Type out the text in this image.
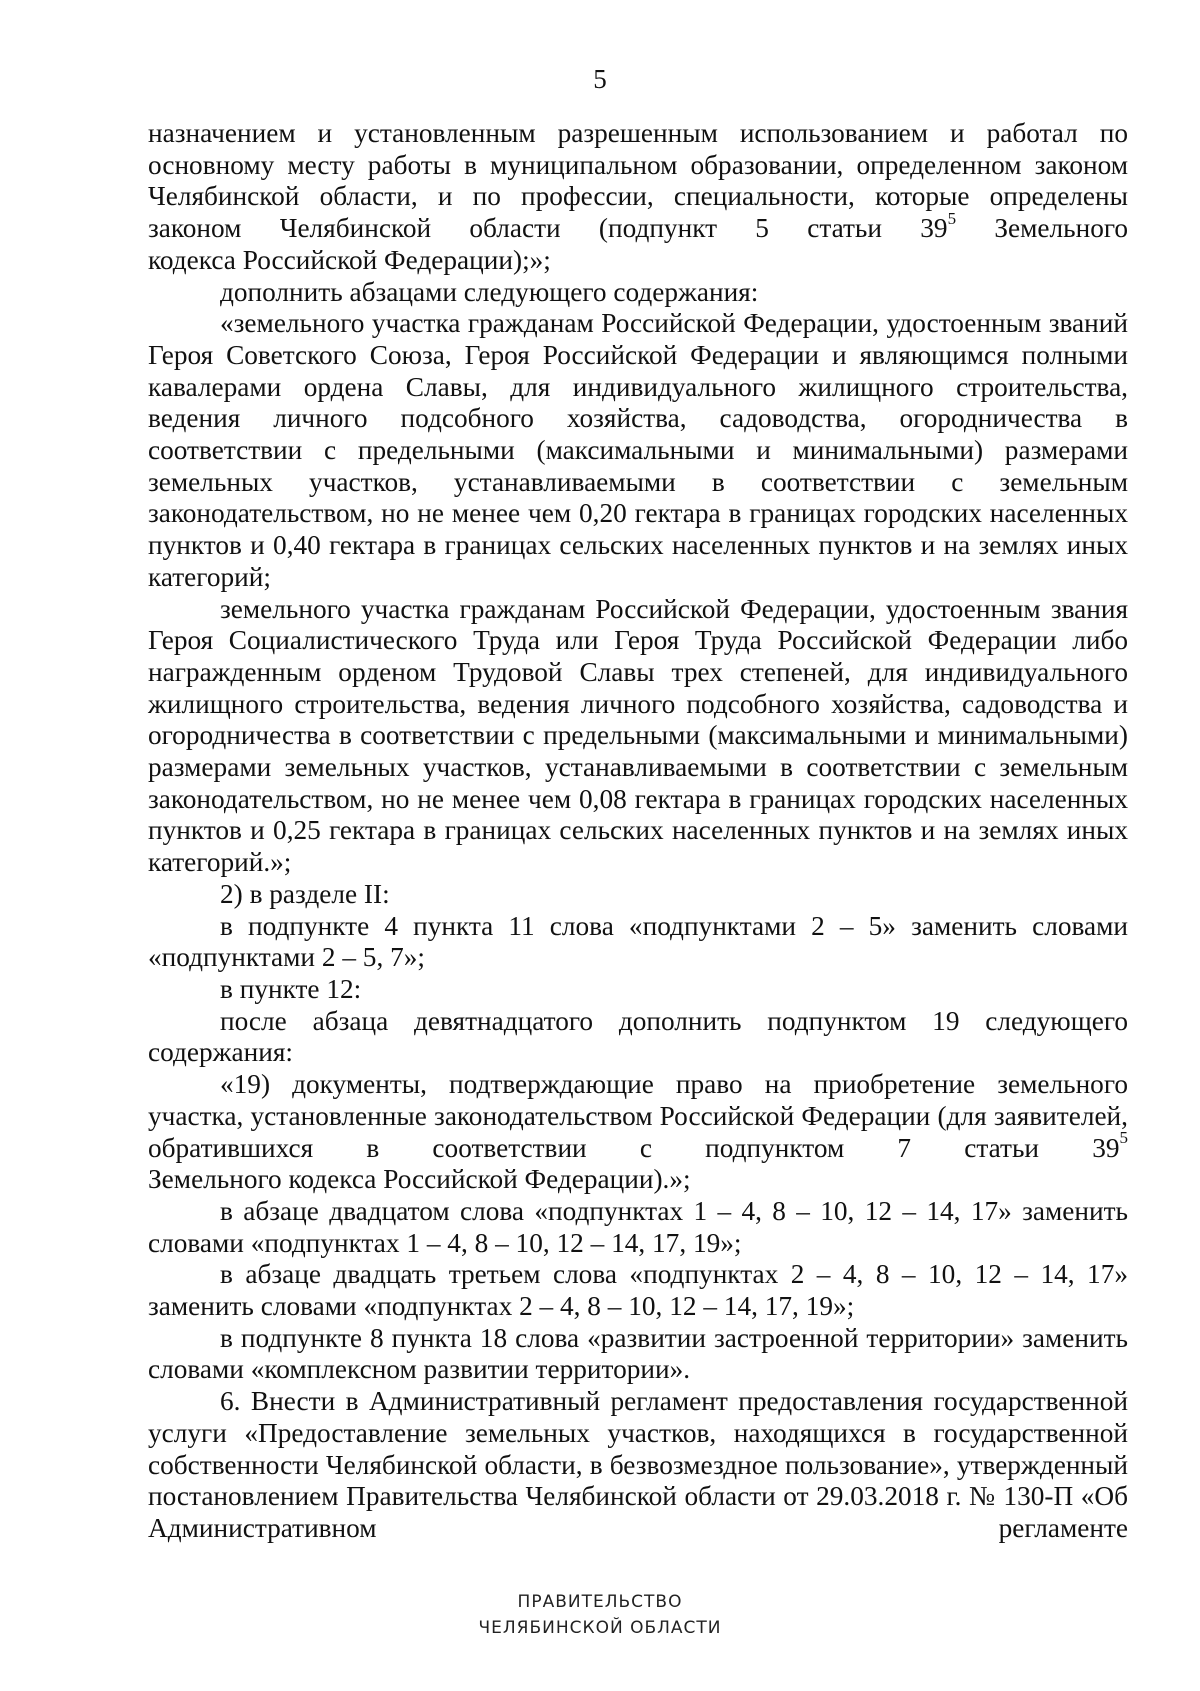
5

назначением и установленным разрешенным использованием и работал по основному месту работы в муниципальном образовании, определенном законом Челябинской области, и по профессии, специальности, которые определены законом Челябинской области (подпункт 5 статьи $39^5$ Земельного

кодекса Российской Федерации);»;

дополнить абзацами следующего содержания:

«земельного участка гражданам Российской Федерации, удостоенным званий Героя Советского Союза, Героя Российской Федерации и являющимся полными кавалерами ордена Славы, для индивидуального жилищного строительства, ведения личного подсобного хозяйства, садоводства, огородничества в соответствии с предельными (максимальными и минимальными) размерами земельных участков, устанавливаемыми в соответствии с земельным законодательством, но не менее чем 0,20 гектара в границах городских населенных пунктов и 0,40 гектара в границах сельских населенных пунктов и на землях иных категорий;

земельного участка гражданам Российской Федерации, удостоенным звания Героя Социалистического Труда или Героя Труда Российской Федерации либо награжденным орденом Трудовой Славы трех степеней, для индивидуального жилищного строительства, ведения личного подсобного хозяйства, садоводства и огородничества в соответствии с предельными (максимальными и минимальными) размерами земельных участков, устанавливаемыми в соответствии с земельным законодательством, но не менее чем 0,08 гектара в границах городских населенных пунктов и 0,25 гектара в границах сельских населенных пунктов и на землях иных категорий.»;

2) в разделе II:

в подпункте 4 пункта 11 слова «подпунктами 2 – 5» заменить словами «подпунктами 2 – 5, 7»;

в пункте 12:

после абзаца девятнадцатого дополнить подпунктом 19 следующего содержания:

«19) документы, подтверждающие право на приобретение земельного участка, установленные законодательством Российской Федерации (для заявителей, обратившихся в соответствии с подпунктом 7 статьи $39^5$

Земельного кодекса Российской Федерации).»;

в абзаце двадцатом слова «подпунктах 1 – 4, 8 – 10, 12 – 14, 17» заменить словами «подпунктах 1 – 4, 8 – 10, 12 – 14, 17, 19»;

в абзаце двадцать третьем слова «подпунктах 2 – 4, 8 – 10, 12 – 14, 17» заменить словами «подпунктах 2 – 4, 8 – 10, 12 – 14, 17, 19»;

в подпункте 8 пункта 18 слова «развитии застроенной территории» заменить словами «комплексном развитии территории».

6. Внести в Административный регламент предоставления государственной услуги «Предоставление земельных участков, находящихся в государственной собственности Челябинской области, в безвозмездное пользование», утвержденный постановлением Правительства Челябинской области от 29.03.2018 г. № 130-П «Об Административном регламенте

ПРАВИТЕЛЬСТВО
ЧЕЛЯБИНСКОЙ ОБЛАСТИ
